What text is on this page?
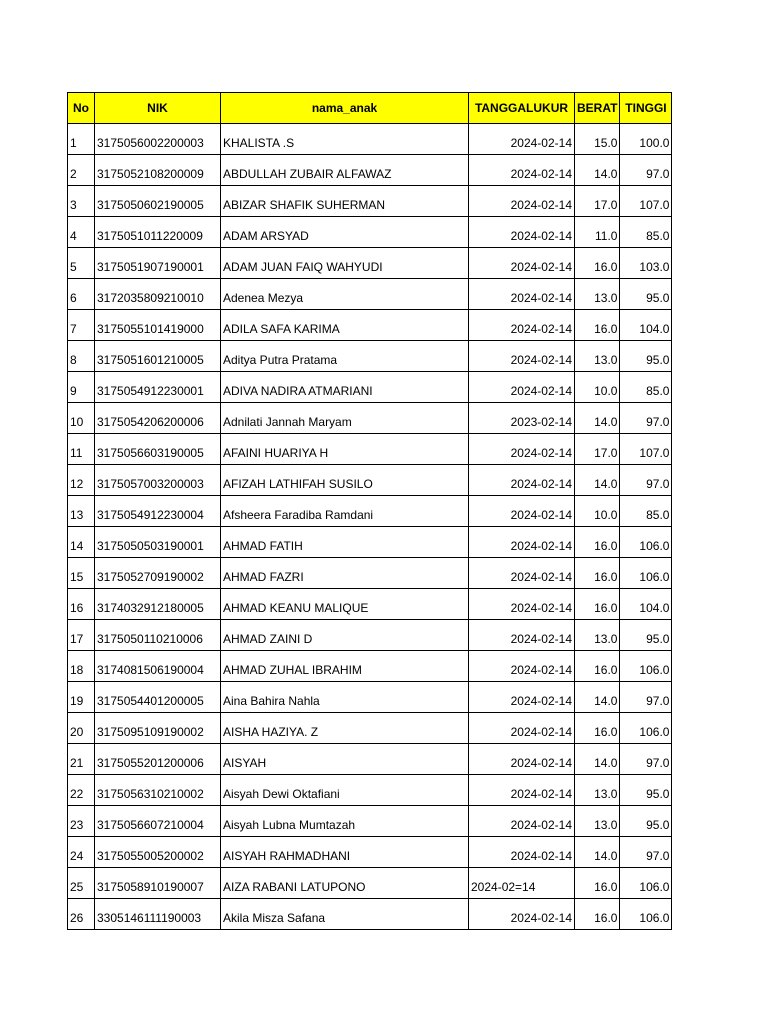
No	NIK	nama_anak	TANGGALUKUR	BERAT	TINGGI
1	3175056002200003	KHALISTA .S	2024-02-14	15.0	100.0
2	3175052108200009	ABDULLAH ZUBAIR ALFAWAZ	2024-02-14	14.0	97.0
3	3175050602190005	ABIZAR SHAFIK SUHERMAN	2024-02-14	17.0	107.0
4	3175051011220009	ADAM ARSYAD	2024-02-14	11.0	85.0
5	3175051907190001	ADAM JUAN FAIQ WAHYUDI	2024-02-14	16.0	103.0
6	3172035809210010	Adenea Mezya	2024-02-14	13.0	95.0
7	3175055101419000	ADILA SAFA KARIMA	2024-02-14	16.0	104.0
8	3175051601210005	Aditya Putra Pratama	2024-02-14	13.0	95.0
9	3175054912230001	ADIVA NADIRA ATMARIANI	2024-02-14	10.0	85.0
10	3175054206200006	Adnilati Jannah Maryam	2023-02-14	14.0	97.0
11	3175056603190005	AFAINI HUARIYA H	2024-02-14	17.0	107.0
12	3175057003200003	AFIZAH LATHIFAH SUSILO	2024-02-14	14.0	97.0
13	3175054912230004	Afsheera Faradiba Ramdani	2024-02-14	10.0	85.0
14	3175050503190001	AHMAD FATIH	2024-02-14	16.0	106.0
15	3175052709190002	AHMAD FAZRI	2024-02-14	16.0	106.0
16	3174032912180005	AHMAD KEANU MALIQUE	2024-02-14	16.0	104.0
17	3175050110210006	AHMAD ZAINI D	2024-02-14	13.0	95.0
18	3174081506190004	AHMAD ZUHAL IBRAHIM	2024-02-14	16.0	106.0
19	3175054401200005	Aina Bahira Nahla	2024-02-14	14.0	97.0
20	3175095109190002	AISHA HAZIYA. Z	2024-02-14	16.0	106.0
21	3175055201200006	AISYAH	2024-02-14	14.0	97.0
22	3175056310210002	Aisyah Dewi Oktafiani	2024-02-14	13.0	95.0
23	3175056607210004	Aisyah Lubna Mumtazah	2024-02-14	13.0	95.0
24	3175055005200002	AISYAH RAHMADHANI	2024-02-14	14.0	97.0
25	3175058910190007	AIZA RABANI LATUPONO	2024-02=14	16.0	106.0
26	3305146111190003	Akila Misza Safana	2024-02-14	16.0	106.0
